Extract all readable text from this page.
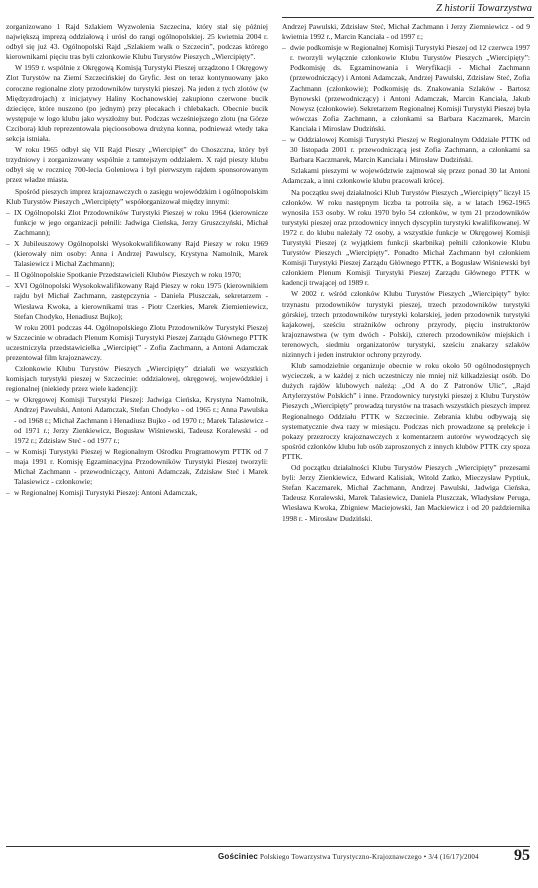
Z historii Towarzystwa

zorganizowano 1 Rajd Szlakiem Wyzwolenia Szczecina, który stał się później największą imprezą oddziałową i urósł do rangi ogólnopolskiej. 25 kwietnia 2004 r. odbył się już 43. Ogólnopolski Rajd „Szlakiem walk o Szczecin”, podczas którego kierownikami pięciu tras byli członkowie Klubu Turystów Pieszych „Wiercipięty”.

W 1959 r. wspólnie z Okręgową Komisją Turystyki Pieszej urządzono I Okręgowy Zlot Turystów na Ziemi Szczecińskiej do Gryfic. Jest on teraz kontynuowany jako coroczne regionalne zloty przodowników turystyki pieszej. Na jeden z tych zlotów (w Międzyzdrojach) z inicjatywy Haliny Kochanowskiej zakupiono czerwone bucik dziecięce, które nuszono (po jednym) przy plecakach i chlebakach. Obecnie bucik występuje w logo klubu jako wyszłożny but. Podczas wcześniejszego zlotu (na Górze Czcibora) klub reprezentowała pięcioosobowa drużyna konna, podnieważ wtedy taka sekcja istniała.

W roku 1965 odbył się VII Rajd Pieszy „Wiercipięt” do Choszczna, który był trzydniowy i zorganizowany wspólnie z tamtejszym oddziałem. X rajd pieszy klubu odbył się w rocznicę 700-lecia Goleniowa i był pierwszym rajdem sponsorowanym przez władze miasta.

Spośród pieszych imprez krajoznawczych o zasięgu wojewódzkim i ogólnopolskim Klub Turystów Pieszych „Wiercipięty” współorganizował między innymi:

– IX Ogólnopolski Zlot Przodowników Turystyki Pieszej w roku 1964 (kierownicze funkcje w jego organizacji pełnili: Jadwiga Cieńska, Jerzy Gruszczyński, Michał Zachmann);

– X Jubileuszowy Ogólnopolski Wysokokwalifikowany Rajd Pieszy w roku 1969 (kierowały nim osoby: Anna i Andrzej Pawulscy, Krystyna Namolnik, Marek Talasiewicz i Michał Zachmann);

– II Ogólnopolskie Spotkanie Przedstawicieli Klubów Pieszych w roku 1970;

– XVI Ogólnopolski Wysokokwalifikowany Rajd Pieszy w roku 1975 (kierownikiem rajdu był Michał Zachmann, zastępczynia - Daniela Pluszczak, sekretarzem - Wiesława Kwoka, a kierownikami tras - Piotr Czerkies, Marek Ziemieniewicz, Stefan Chodyko, Henadiusz Bujko);

W roku 2001 podczas 44. Ogólnopolskiego Zlotu Przodowników Turystyki Pieszej w Szczecinie w obradach Plenum Komisji Turystyki Pieszej Zarządu Głównego PTTK uczestniczyła przedstawicielka „Wiercipięt” - Zofia Zachmann, a Antoni Adamczak prezentował film krajoznawczy.

Członkowie Klubu Turystów Pieszych „Wiercipięty” działali we wszystkich komisjach turystyki pieszej w Szczecinie: oddziałowej, okręgowej, wojewódzkiej i regionalnej (niekiedy przez wiele kadencji):

– w Okręgowej Komisji Turystyki Pieszej: Jadwiga Cieńska, Krystyna Namolnik, Andrzej Pawulski, Antoni Adamczak, Stefan Chodyko - od 1965 r.; Anna Pawulska - od 1968 r.; Michał Zachmann i Henadiusz Bujko - od 1970 r.; Marek Talasiewicz - od 1971 r.; Jerzy Zienkiewicz, Bogusław Wiśniewski, Tadeusz Koralewski - od 1972 r.; Zdzisław Steć - od 1977 r.;

– w Komisji Turystyki Pieszej w Regionalnym Ośrodku Programowym PTTK od 7 maja 1991 r. Komisję Egzaminacyjna Przodowników Turystyki Pieszej tworzyli: Michał Zachmann - przewodniczący, Antoni Adamczak, Zdzisław Steć i Marek Talasiewicz - członkowie;

– w Regionalnej Komisji Turystyki Pieszej: Antoni Adamczak,

Andrzej Pawulski, Zdzisław Steć, Michał Zachmann i Jerzy Ziemniewicz - od 9 kwietnia 1992 r., Marcin Kanciała - od 1997 r.;

– dwie podkomisje w Regionalnej Komisji Turystyki Pieszej od 12 czerwca 1997 r. tworzyli wyłącznie członkowie Klubu Turystów Pieszych „Wiercipięty”: Podkomisję ds. Egzaminowania i Weryfikacji - Michał Zachmann (przewodniczący) i Antoni Adamczak, Andrzej Pawulski, Zdzisław Steć, Zofia Zachmann (członkowie); Podkomisję ds. Znakowania Szlaków - Bartosz Bynowski (przewodniczący) i Antoni Adamczak, Marcin Kanciała, Jakub Nowysz (członkowie). Sekretarzem Regionalnej Komisji Turystyki Pieszej była wówczas Zofia Zachmann, a członkami sa Barbara Kaczmarek, Marcin Kanciała i Mirosław Dudziński.

– w Oddziałowej Komisji Turystyki Pieszej w Regionalnym Oddziale PTTK od 30 listopada 2001 r. przewodniczącą jest Zofia Zachmann, a członkami sa Barbara Kaczmarek, Marcin Kanciała i Mirosław Dudziński.

Szlakami pieszymi w województwie zajmował się przez ponad 30 lat Antoni Adamczak, a inni członkowie klubu pracowali krócej.

Na początku swej działalności Klub Turystów Pieszych „Wiercipięty” liczył 15 członków. W roku następnym liczba ta potroiła się, a w latach 1962-1965 wynosiła 153 osoby. W roku 1970 było 54 członków, w tym 21 przodowników turystyki pieszej oraz przodownicy innych dyscyplin turystyki kwalifikowanej. W 1972 r. do klubu należały 72 osoby, a wszystkie funkcje w Okręgowej Komisji Turystyki Pieszej (z wyjątkiem funkcji skarbnika) pełnili członkowie Klubu Turystów Pieszych „Wiercipięty”. Ponadto Michał Zachmann był członkiem Komisji Turystyki Pieszej Zarządu Głównego PTTK, a Bogusław Wiśniewski był członkiem Plenum Komisji Turystyki Pieszej Zarządu Głównego PTTK w kadencji trwającej od 1989 r.

W 2002 r. wśród członków Klubu Turystów Pieszych „Wiercipięty” było: trzynastu przodowników turystyki pieszej, trzech przodowników turystyki górskiej, trzech przodowników turystyki kolarskiej, jeden przodownik turystyki kajakowej, sześciu strażników ochrony przyrody, pięciu instruktorów krajoznawstwa (w tym dwóch - Polski), czterech przodowników miejskich i terenowych, siedmiu organizatorów turystyki, sześciu znakarzy szlaków nizinnych i jeden instruktor ochrony przyrody.

Klub samodzielnie organizuje obecnie w roku około 50 ogólnodostępnych wycieczek, a w każdej z nich uczestniczy nie mniej niż kilkadziesiąt osób. Do dużych rajdów klubowych należą: „Od A do Z Patronów Ulic”, „Rajd Artylerzystów Polskich” i inne. Przodownicy turystyki pieszej z Klubu Turystów Pieszych „Wiercipięty” prowadzą turystów na trasach wszystkich pieszych imprez Regionalnego Oddziału PTTK w Szczecinie. Zebrania klubu odbywają się systematycznie dwa razy w miesiącu. Podczas nich prowadzone są prelekcje i pokazy przezroczy krajoznawczych z komentarzem autorów wywodzących się spośród członków klubu lub osób zaproszonych z innych klubów PTTK czy spoza PTTK.

Od początku działalności Klubu Turystów Pieszych „Wiercipięty” prezesami byli: Jerzy Zienkiewicz, Edward Kalisiak, Witold Zatko, Mieczysław Pyptiuk, Stefan Kaczmarek, Michał Zachmann, Andrzej Pawulski, Jadwiga Cieńska, Tadeusz Koralewski, Marek Talasiewicz, Daniela Pluszczak, Władysław Peruga, Wiesława Kwoka, Zbigniew Maciejowski, Jan Mackiewicz i od 20 października 1998 r. - Mirosław Dudziński.

Gościniec Polskiego Towarzystwa Turystyczno-Krajoznawczego • 3/4 (16/17)/2004 95
